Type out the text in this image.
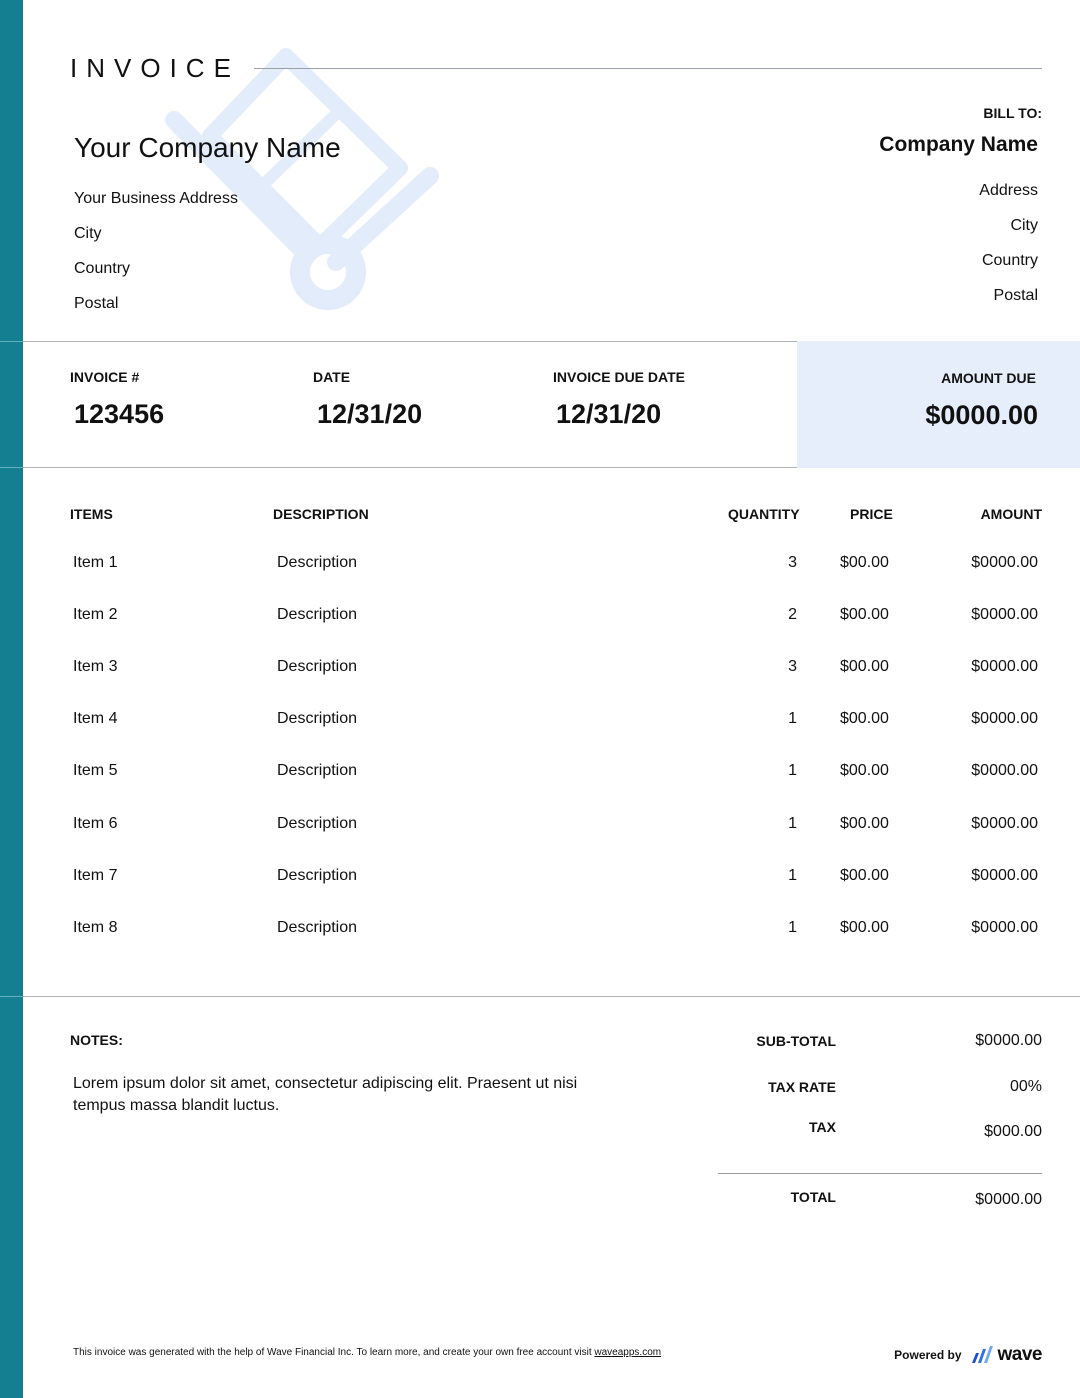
INVOICE
Your Company Name
Your Business Address
City
Country
Postal
BILL TO:
Company Name
Address
City
Country
Postal
INVOICE #
123456
DATE
12/31/20
INVOICE DUE DATE
12/31/20
AMOUNT DUE
$0000.00
ITEMS	DESCRIPTION	QUANTITY	PRICE	AMOUNT
Item 1	Description	3	$00.00	$0000.00
Item 2	Description	2	$00.00	$0000.00
Item 3	Description	3	$00.00	$0000.00
Item 4	Description	1	$00.00	$0000.00
Item 5	Description	1	$00.00	$0000.00
Item 6	Description	1	$00.00	$0000.00
Item 7	Description	1	$00.00	$0000.00
Item 8	Description	1	$00.00	$0000.00
NOTES:
Lorem ipsum dolor sit amet, consectetur adipiscing elit. Praesent ut nisi tempus massa blandit luctus.
SUB-TOTAL	$0000.00
TAX RATE	00%
TAX	$000.00
TOTAL	$0000.00
This invoice was generated with the help of Wave Financial Inc. To learn more, and create your own free account visit waveapps.com	Powered by wave
